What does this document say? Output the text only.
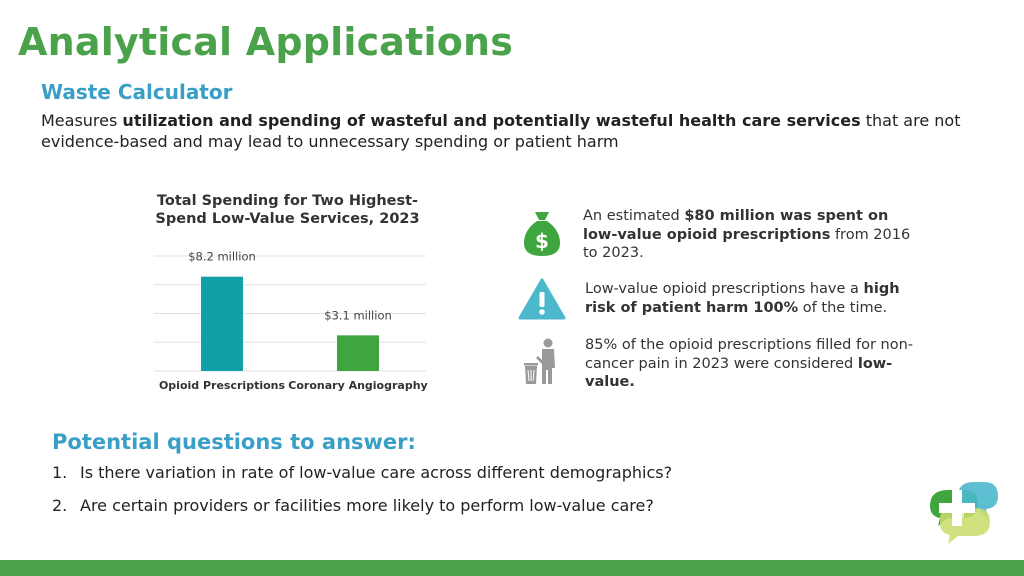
Analytical Applications
Waste Calculator
Measures utilization and spending of wasteful and potentially wasteful health care services that are not evidence-based and may lead to unnecessary spending or patient harm
Total Spending for Two Highest-Spend Low-Value Services, 2023
$8.2 million
Opioid Prescriptions
$3.1 million
Coronary Angiography
$
An estimated $80 million was spent on low-value opioid prescriptions from 2016 to 2023.
Low-value opioid prescriptions have a high risk of patient harm 100% of the time.
85% of the opioid prescriptions filled for non-cancer pain in 2023 were considered low-value.
Potential questions to answer:
1. Is there variation in rate of low-value care across different demographics?
2. Are certain providers or facilities more likely to perform low-value care?	15
